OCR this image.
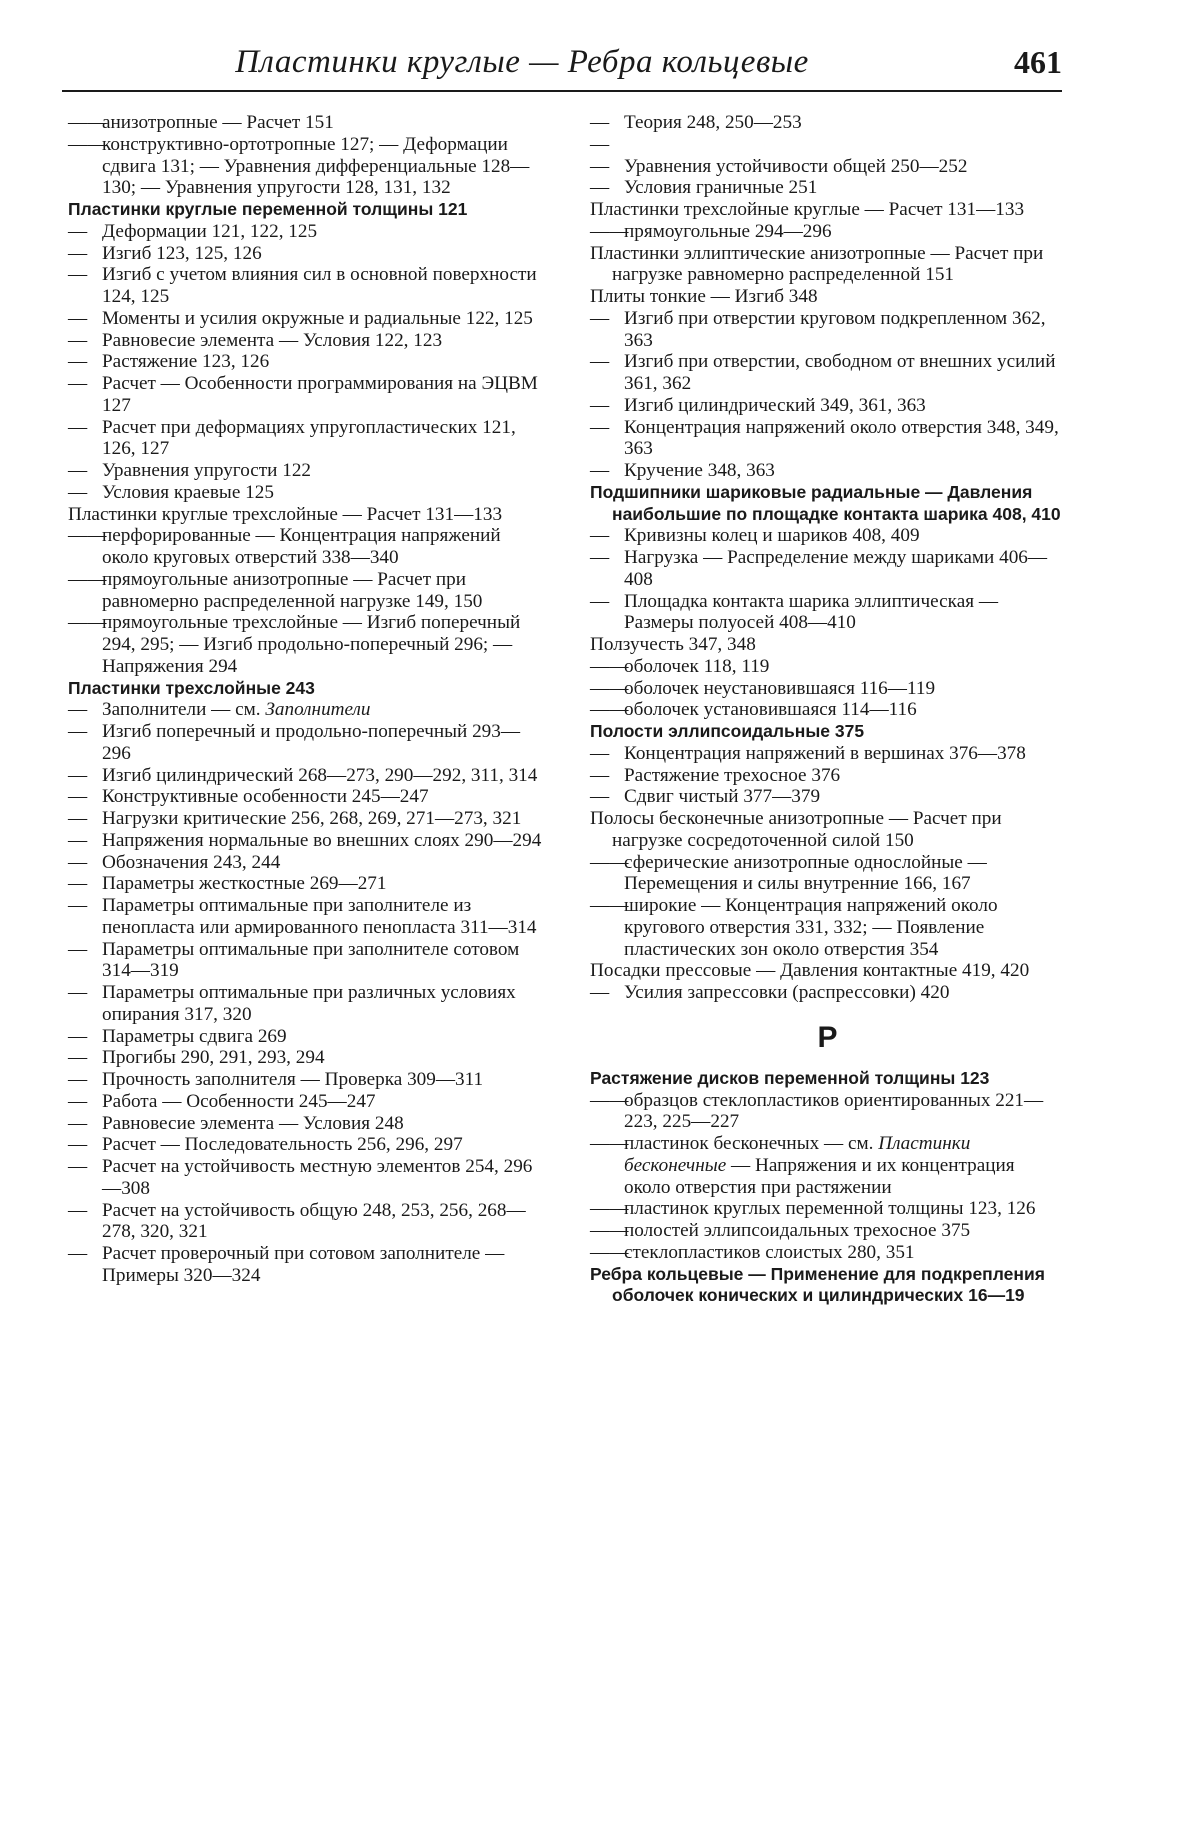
Пластинки круглые — Ребра кольцевые	461
——анизотропные — Расчет 151
——конструктивно-ортотропные 127; — Деформации сдвига 131; — Уравнения дифференциальные 128—130; — Уравнения упругости 128, 131, 132
Пластинки круглые переменной толщины 121
—Деформации 121, 122, 125
—Изгиб 123, 125, 126
—Изгиб с учетом влияния сил в основной поверхности 124, 125
—Моменты и усилия окружные и радиальные 122, 125
—Равновесие элемента — Условия 122, 123
—Растяжение 123, 126
—Расчет — Особенности программирования на ЭЦВМ 127
—Расчет при деформациях упругопластических 121, 126, 127
—Уравнения упругости 122
—Условия краевые 125
Пластинки круглые трехслойные — Расчет 131—133
——перфорированные — Концентрация напряжений около круговых отверстий 338—340
——прямоугольные анизотропные — Расчет при равномерно распределенной нагрузке 149, 150
——прямоугольные трехслойные — Изгиб поперечный 294, 295; — Изгиб продольно-поперечный 296; — Напряжения 294
Пластинки трехслойные 243
—Заполнители — см. Заполнители
—Изгиб поперечный и продольно-поперечный 293—296
—Изгиб цилиндрический 268—273, 290—292, 311, 314
—Конструктивные особенности 245—247
—Нагрузки критические 256, 268, 269, 271—273, 321
—Напряжения нормальные во внешних слоях 290—294
—Обозначения 243, 244
—Параметры жесткостные 269—271
—Параметры оптимальные при заполнителе из пенопласта или армированного пенопласта 311—314
—Параметры оптимальные при заполнителе сотовом 314—319
—Параметры оптимальные при различных условиях опирания 317, 320
—Параметры сдвига 269
—Прогибы 290, 291, 293, 294
—Прочность заполнителя — Проверка 309—311
—Работа — Особенности 245—247
—Равновесие элемента — Условия 248
—Расчет — Последовательность 256, 296, 297
—Расчет на устойчивость местную элементов 254, 296—308
—Расчет на устойчивость общую 248, 253, 256, 268—278, 320, 321
—Расчет проверочный при сотовом заполнителе — Примеры 320—324
—Теория 248, 250—253
— —Уравнения устойчивости общей 250—252
—Условия граничные 251
Пластинки трехслойные круглые — Расчет 131—133
——прямоугольные 294—296
Пластинки эллиптические анизотропные — Расчет при нагрузке равномерно распределенной 151
Плиты тонкие — Изгиб 348
—Изгиб при отверстии круговом подкрепленном 362, 363
—Изгиб при отверстии, свободном от внешних усилий 361, 362
—Изгиб цилиндрический 349, 361, 363
—Концентрация напряжений около отверстия 348, 349, 363
—Кручение 348, 363
Подшипники шариковые радиальные — Давления наибольшие по площадке контакта шарика 408, 410
—Кривизны колец и шариков 408, 409
—Нагрузка — Распределение между шариками 406—408
—Площадка контакта шарика эллиптическая — Размеры полуосей 408—410
Ползучесть 347, 348
——оболочек 118, 119
——оболочек неустановившаяся 116—119
——оболочек установившаяся 114—116
Полости эллипсоидальные 375
—Концентрация напряжений в вершинах 376—378
—Растяжение трехосное 376
—Сдвиг чистый 377—379
Полосы бесконечные анизотропные — Расчет при нагрузке сосредоточенной силой 150
——сферические анизотропные однослойные — Перемещения и силы внутренние 166, 167
——широкие — Концентрация напряжений около кругового отверстия 331, 332; — Появление пластических зон около отверстия 354
Посадки прессовые — Давления контактные 419, 420
—Усилия запрессовки (распрессовки) 420
Р
Растяжение дисков переменной толщины 123
——образцов стеклопластиков ориентированных 221—223, 225—227
——пластинок бесконечных — см. Пластинки бесконечные — Напряжения и их концентрация около отверстия при растяжении
——пластинок круглых переменной толщины 123, 126
——полостей эллипсоидальных трехосное 375
——стеклопластиков слоистых 280, 351
Ребра кольцевые — Применение для подкрепления оболочек конических и цилиндрических 16—19
